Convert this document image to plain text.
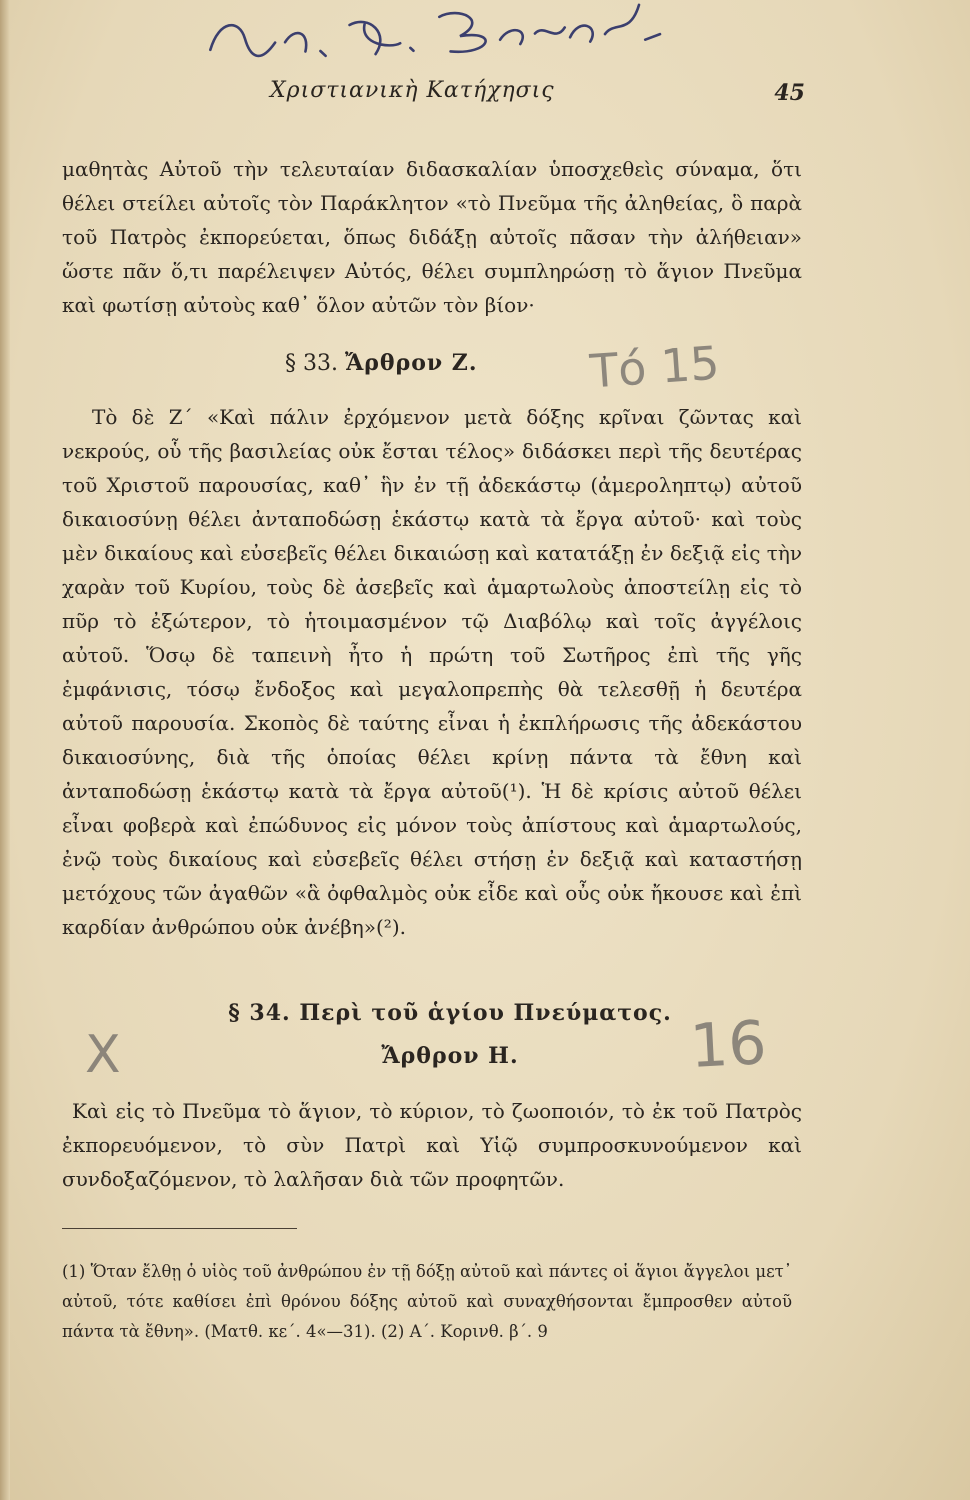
Χριστιανικὴ Κατήχησις	45
μαθητὰς Αὐτοῦ τὴν τελευταίαν διδασκαλίαν ὑποσχεθεὶς σύναμα, ὅτι θέλει στείλει αὐτοῖς τὸν Παράκλητον «τὸ Πνεῦμα τῆς ἀληθείας, ὃ παρὰ τοῦ Πατρὸς ἐκπορεύεται, ὅπως διδάξῃ αὐτοῖς πᾶσαν τὴν ἀλήθειαν» ὥστε πᾶν ὅ,τι παρέλειψεν Αὐτός, θέλει συμπληρώσῃ τὸ ἅγιον Πνεῦμα καὶ φωτίσῃ αὐτοὺς καθ᾽ ὅλον αὐτῶν τὸν βίον·
§ 33. Ἄρθρον Ζ.	Τό 15
Τὸ δὲ Ζ΄ «Καὶ πάλιν ἐρχόμενον μετὰ δόξης κρῖναι ζῶντας καὶ νεκρούς, οὗ τῆς βασιλείας οὐκ ἔσται τέλος» διδάσκει περὶ τῆς δευτέρας τοῦ Χριστοῦ παρουσίας, καθ᾽ ἣν ἐν τῇ ἀδεκάστῳ (ἀμεροληπτῳ) αὐτοῦ δικαιοσύνῃ θέλει ἀνταποδώσῃ ἑκάστῳ κατὰ τὰ ἔργα αὐτοῦ· καὶ τοὺς μὲν δικαίους καὶ εὐσεβεῖς θέλει δικαιώσῃ καὶ κατατάξῃ ἐν δεξιᾷ εἰς τὴν χαρὰν τοῦ Κυρίου, τοὺς δὲ ἀσεβεῖς καὶ ἁμαρτωλοὺς ἀποστείλῃ εἰς τὸ πῦρ τὸ ἐξώτερον, τὸ ἡτοιμασμένον τῷ Διαβόλῳ καὶ τοῖς ἀγγέλοις αὐτοῦ. Ὅσῳ δὲ ταπεινὴ ἦτο ἡ πρώτη τοῦ Σωτῆρος ἐπὶ τῆς γῆς ἐμφάνισις, τόσῳ ἔνδοξος καὶ μεγαλοπρεπὴς θὰ τελεσθῇ ἡ δευτέρα αὐτοῦ παρουσία. Σκοπὸς δὲ ταύτης εἶναι ἡ ἐκπλήρωσις τῆς ἀδεκάστου δικαιοσύνης, διὰ τῆς ὁποίας θέλει κρίνῃ πάντα τὰ ἔθνη καὶ ἀνταποδώσῃ ἑκάστῳ κατὰ τὰ ἔργα αὐτοῦ(¹). Ἡ δὲ κρίσις αὐτοῦ θέλει εἶναι φοβερὰ καὶ ἐπώδυνος εἰς μόνον τοὺς ἀπίστους καὶ ἁμαρτωλούς, ἐνῷ τοὺς δικαίους καὶ εὐσεβεῖς θέλει στήσῃ ἐν δεξιᾷ καὶ καταστήσῃ μετόχους τῶν ἀγαθῶν «ἃ ὀφθαλμὸς οὐκ εἶδε καὶ οὖς οὐκ ἤκουσε καὶ ἐπὶ καρδίαν ἀνθρώπου οὐκ ἀνέβη»(²).
§ 34. Περὶ τοῦ ἁγίου Πνεύματος.
Ἄρθρον Η.
X	16
Καὶ εἰς τὸ Πνεῦμα τὸ ἅγιον, τὸ κύριον, τὸ ζωοποιόν, τὸ ἐκ τοῦ Πατρὸς ἐκπορευόμενον, τὸ σὺν Πατρὶ καὶ Υἱῷ συμπροσκυνούμενον καὶ συνδοξαζόμενον, τὸ λαλῆσαν διὰ τῶν προφητῶν.
(1) Ὅταν ἔλθῃ ὁ υἱὸς τοῦ ἀνθρώπου ἐν τῇ δόξῃ αὐτοῦ καὶ πάντες οἱ ἅγιοι ἄγγελοι μετ᾽ αὐτοῦ, τότε καθίσει ἐπὶ θρόνου δόξης αὐτοῦ καὶ συναχθήσονται ἔμπροσθεν αὐτοῦ πάντα τὰ ἔθνη». (Ματθ. κε΄. 4«—31). (2) Α΄. Κορινθ. β΄. 9
